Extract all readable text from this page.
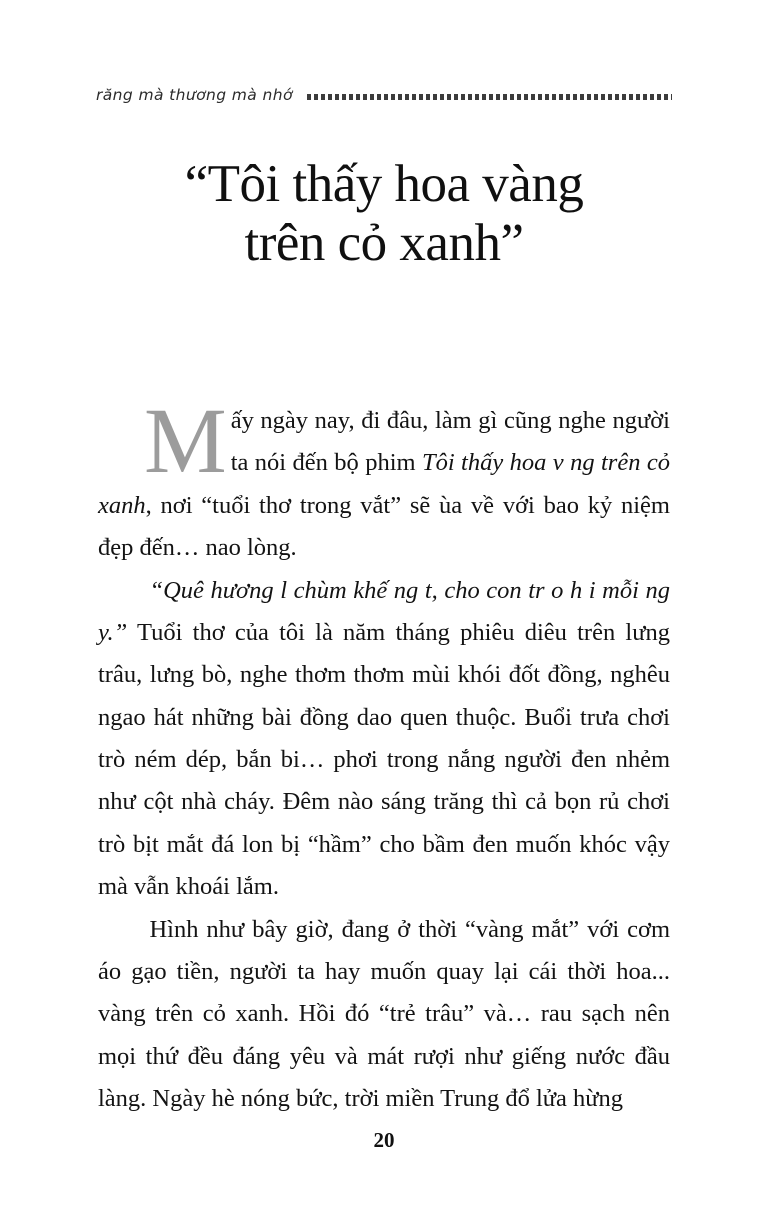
răng mà thương mà nhớ
“Tôi thấy hoa vàng
trên cỏ xanh”

Mấy ngày nay, đi đâu, làm gì cũng nghe người ta nói đến bộ phim Tôi thấy hoa v ng trên cỏ xanh, nơi “tuổi thơ trong vắt” sẽ ùa về với bao kỷ niệm đẹp đến… nao lòng.

“Quê hương l chùm khế ng t, cho con tr o h i mỗi ng y.” Tuổi thơ của tôi là năm tháng phiêu diêu trên lưng trâu, lưng bò, nghe thơm thơm mùi khói đốt đồng, nghêu ngao hát những bài đồng dao quen thuộc. Buổi trưa chơi trò ném dép, bắn bi… phơi trong nắng người đen nhẻm như cột nhà cháy. Đêm nào sáng trăng thì cả bọn rủ chơi trò bịt mắt đá lon bị “hầm” cho bầm đen muốn khóc vậy mà vẫn khoái lắm.

Hình như bây giờ, đang ở thời “vàng mắt” với cơm áo gạo tiền, người ta hay muốn quay lại cái thời hoa... vàng trên cỏ xanh. Hồi đó “trẻ trâu” và… rau sạch nên mọi thứ đều đáng yêu và mát rượi như giếng nước đầu làng. Ngày hè nóng bức, trời miền Trung đổ lửa hừng

20
